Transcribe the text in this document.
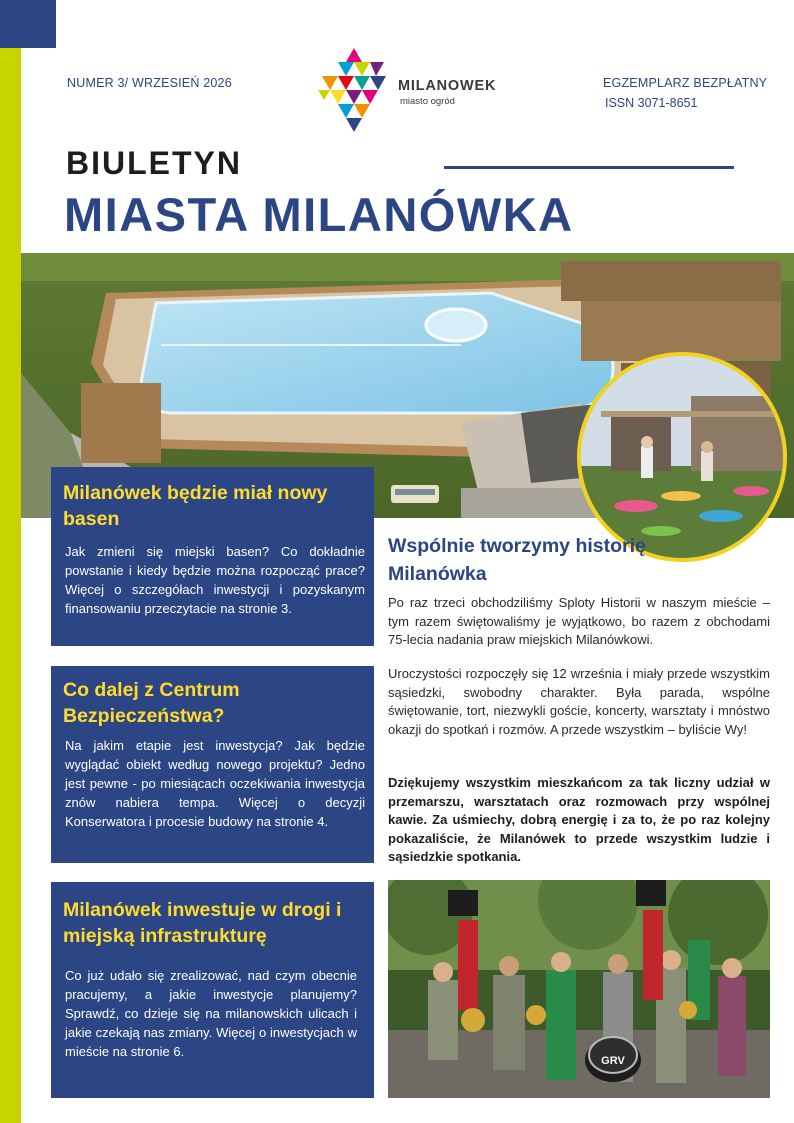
NUMER 3/ WRZESIEŃ 2026	EGZEMPLARZ BEZPŁATNY
ISSN 3071-8651
MILANOWEK
miasto ogród
BIULETYN
MIASTA MILANÓWKA
Milanówek będzie miał nowy basen

Jak zmieni się miejski basen? Co dokładnie powstanie i kiedy będzie można rozpocząć prace? Więcej o szczegółach inwestycji i pozyskanym finansowaniu przeczytacie na stronie 3.

Co dalej z Centrum Bezpieczeństwa?

Na jakim etapie jest inwestycja? Jak będzie wyglądać obiekt według nowego projektu? Jedno jest pewne - po miesiącach oczekiwania inwestycja znów nabiera tempa. Więcej o decyzji Konserwatora i procesie budowy na stronie 4.

Milanówek inwestuje w drogi i miejską infrastrukturę

Co już udało się zrealizować, nad czym obecnie pracujemy, a jakie inwestycje planujemy? Sprawdź, co dzieje się na milanowskich ulicach i jakie czekają nas zmiany. Więcej o inwestycjach w mieście na stronie 6.

Wspólnie tworzymy historię Milanówka

Po raz trzeci obchodziliśmy Sploty Historii w naszym mieście – tym razem świętowaliśmy je wyjątkowo, bo razem z obchodami 75-lecia nadania praw miejskich Milanówkowi.

Uroczystości rozpoczęły się 12 września i miały przede wszystkim sąsiedzki, swobodny charakter. Była parada, wspólne świętowanie, tort, niezwykli goście, koncerty, warsztaty i mnóstwo okazji do spotkań i rozmów. A przede wszystkim – byliście Wy!

Dziękujemy wszystkim mieszkańcom za tak liczny udział w przemarszu, warsztatach oraz rozmowach przy wspólnej kawie. Za uśmiechy, dobrą energię i za to, że po raz kolejny pokazaliście, że Milanówek to przede wszystkim ludzie i sąsiedzkie spotkania.

GRV
